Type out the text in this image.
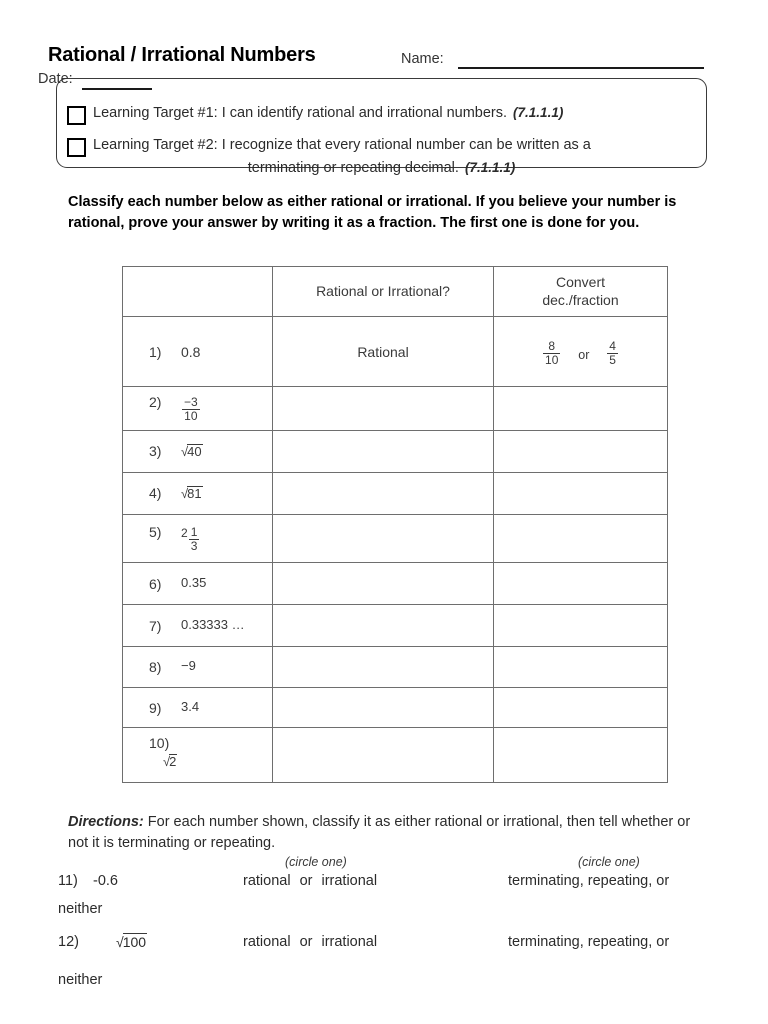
Rational / Irrational Numbers	Name:
Date:
Learning Target #1: I can identify rational and irrational numbers. (7.1.1.1)
Learning Target #2: I recognize that every rational number can be written as a
terminating or repeating decimal. (7.1.1.1)
Classify each number below as either rational or irrational. If you believe your number is rational, prove your answer by writing it as a fraction. The first one is done for you.
	Rational or Irrational?	Convert
dec./fraction

1) 0.8	Rational	$\frac{8}{10}$ or $\frac{4}{5}$

$2) \frac{-3}{10}$

3) √40		

4) √81		

5) $2 \frac{1}{3}$

6) 0.35		

7) 0.33333 …		

8) −9		

9) 3.4		

10)
√2		

Directions: For each number shown, classify it as either rational or irrational, then tell whether or not it is terminating or repeating.
(circle one)	(circle one)
11) -0.6	rational or irrational	terminating, repeating, or
neither
12)	√100	rational or irrational	terminating, repeating, or
neither
